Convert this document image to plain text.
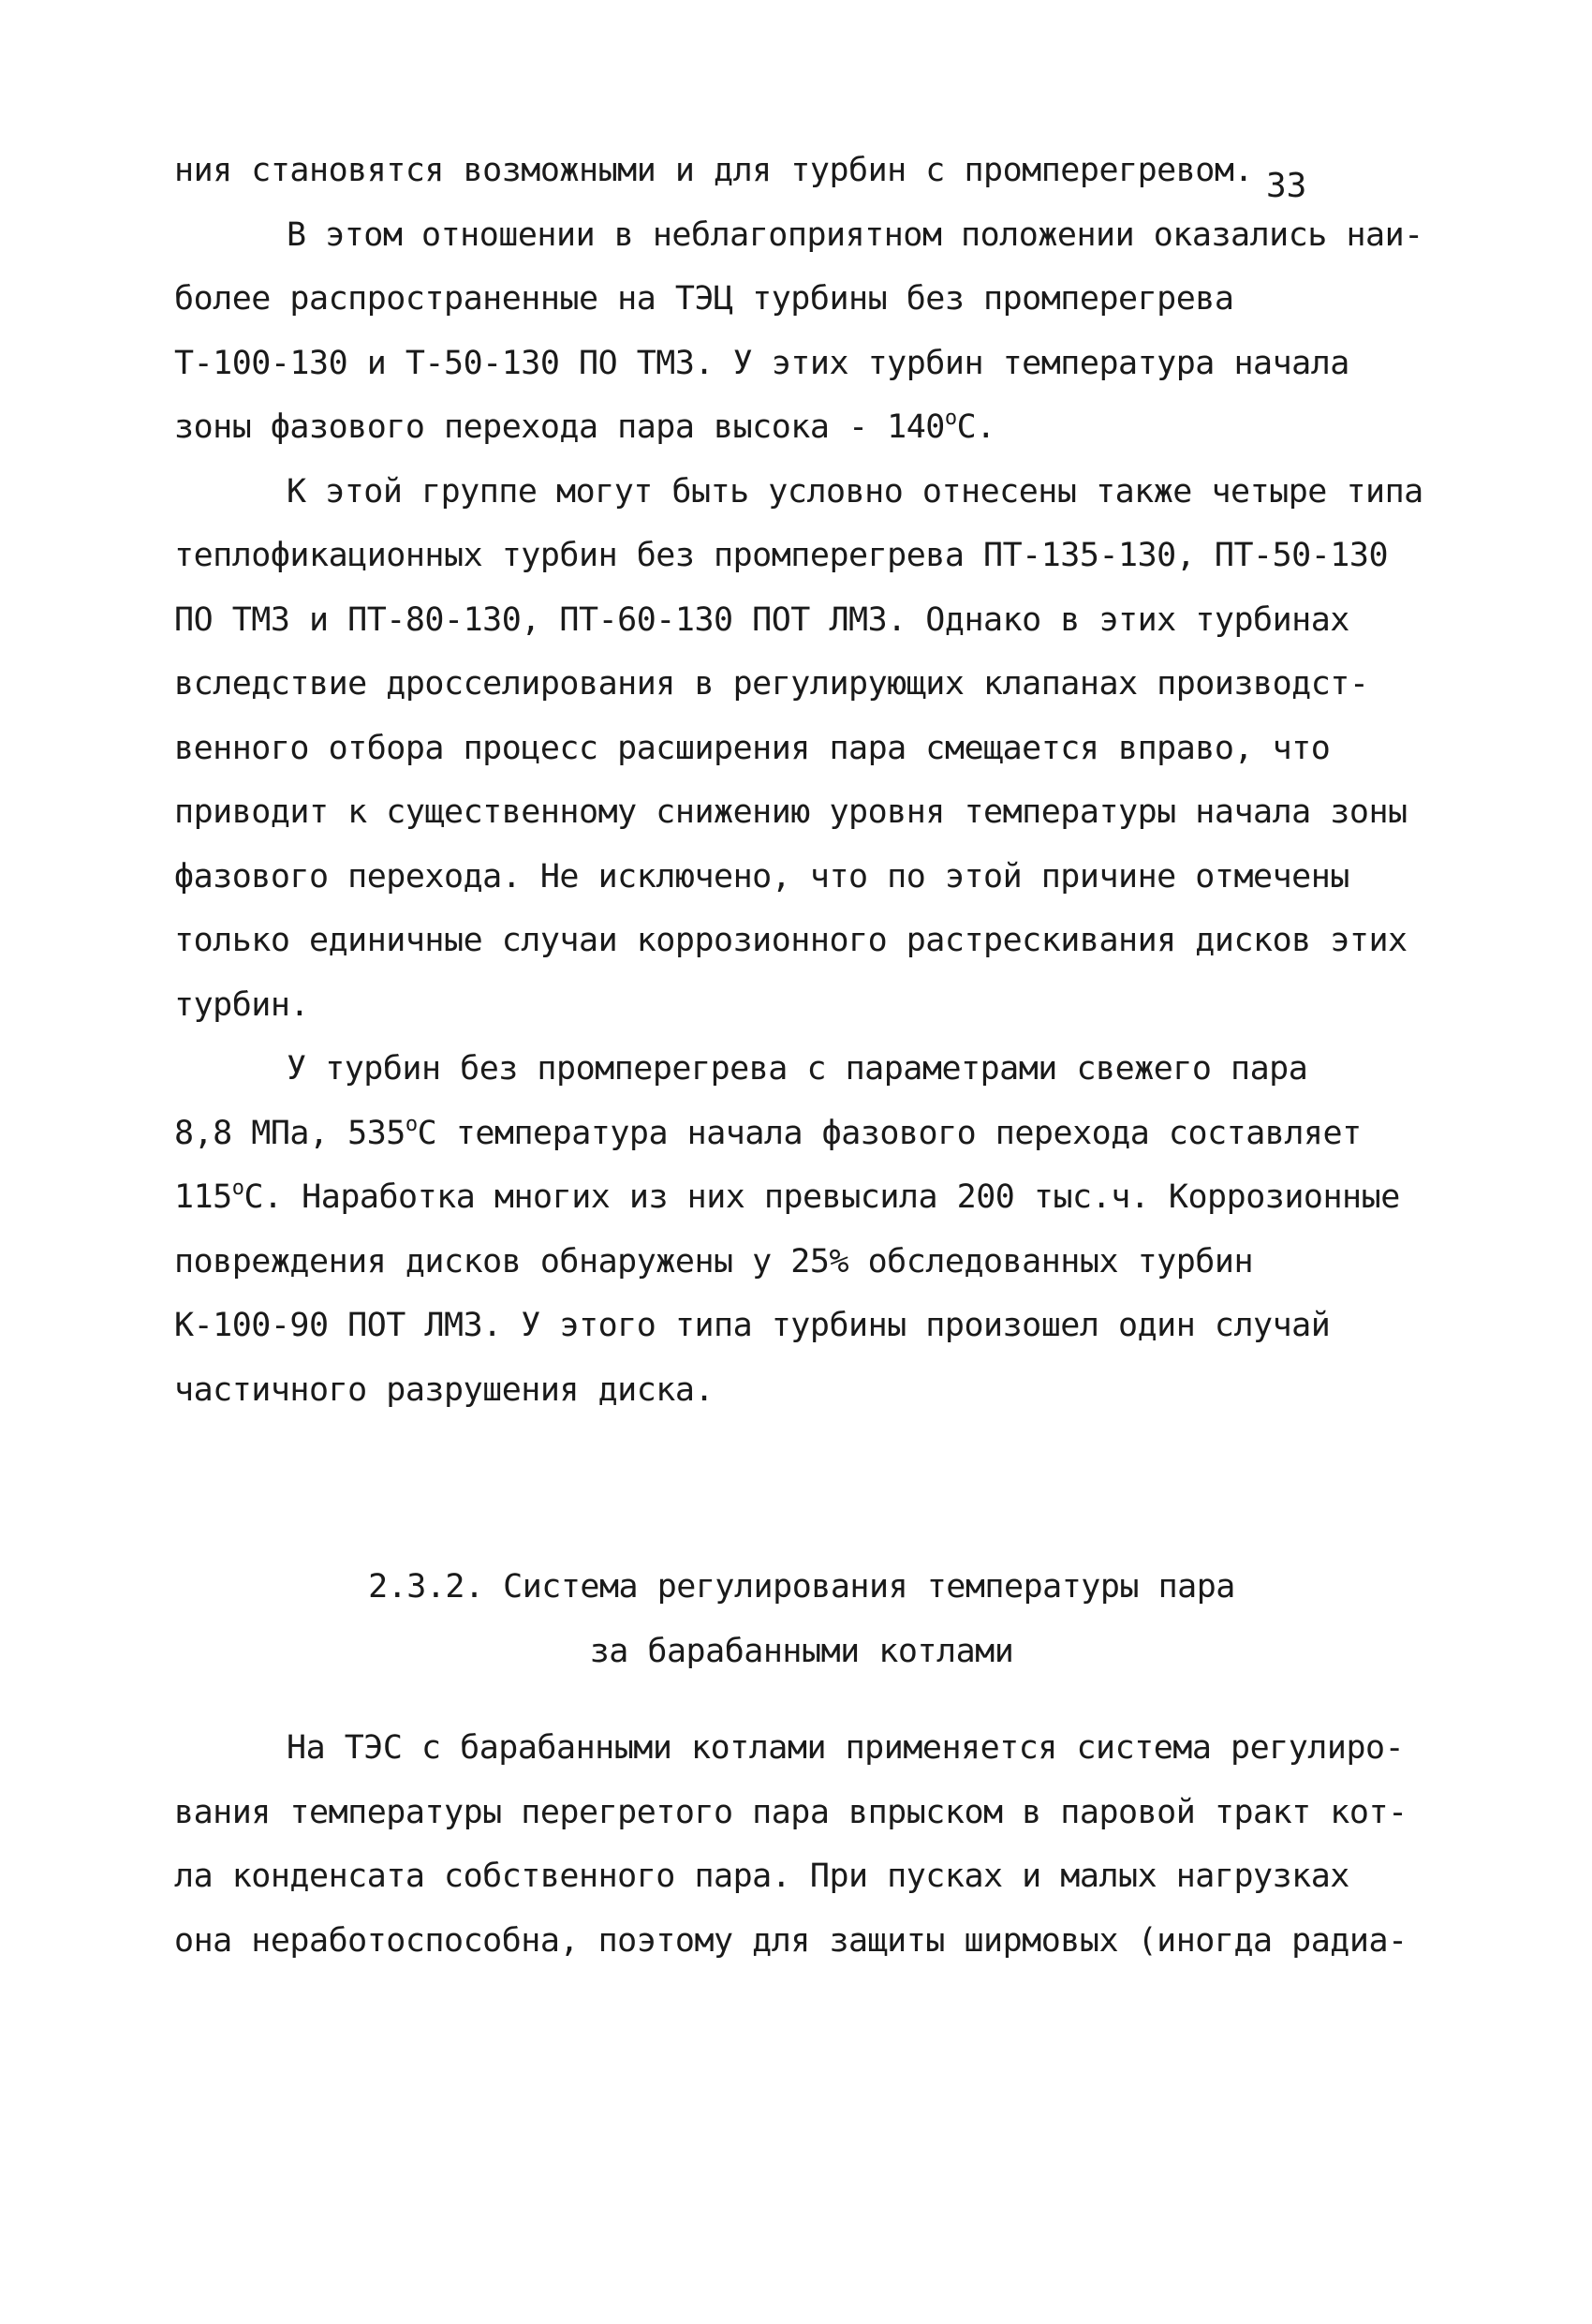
33
ния становятся возможными и для турбин с промперегревом.
В этом отношении в неблагоприятном положении оказались наи-
более распространенные на ТЭЦ турбины без промперегрева
Т-100-130 и Т-50-130 ПО ТМЗ. У этих турбин температура начала
зоны фазового перехода пара высока - $140^оС$.
К этой группе могут быть условно отнесены также четыре типа
теплофикационных турбин без промперегрева ПТ-135-130, ПТ-50-130
ПО ТМЗ и ПТ-80-130, ПТ-60-130 ПОТ ЛМЗ. Однако в этих турбинах
вследствие дросселирования в регулирующих клапанах производст-
венного отбора процесс расширения пара смещается вправо, что
приводит к существенному снижению уровня температуры начала зоны
фазового перехода. Не исключено, что по этой причине отмечены
только единичные случаи коррозионного растрескивания дисков этих
турбин.
У турбин без промперегрева с параметрами свежего пара
8,8 МПа, $535^оС$ температура начала фазового перехода составляет
$115^оС$. Наработка многих из них превысила 200 тыс.ч. Коррозионные
повреждения дисков обнаружены у 25% обследованных турбин
К-100-90 ПОТ ЛМЗ. У этого типа турбины произошел один случай
частичного разрушения диска.
2.3.2. Система регулирования температуры пара
за барабанными котлами
На ТЭС с барабанными котлами применяется система регулиро-
вания температуры перегретого пара впрыском в паровой тракт кот-
ла конденсата собственного пара. При пусках и малых нагрузках
она неработоспособна, поэтому для защиты ширмовых (иногда радиа-
